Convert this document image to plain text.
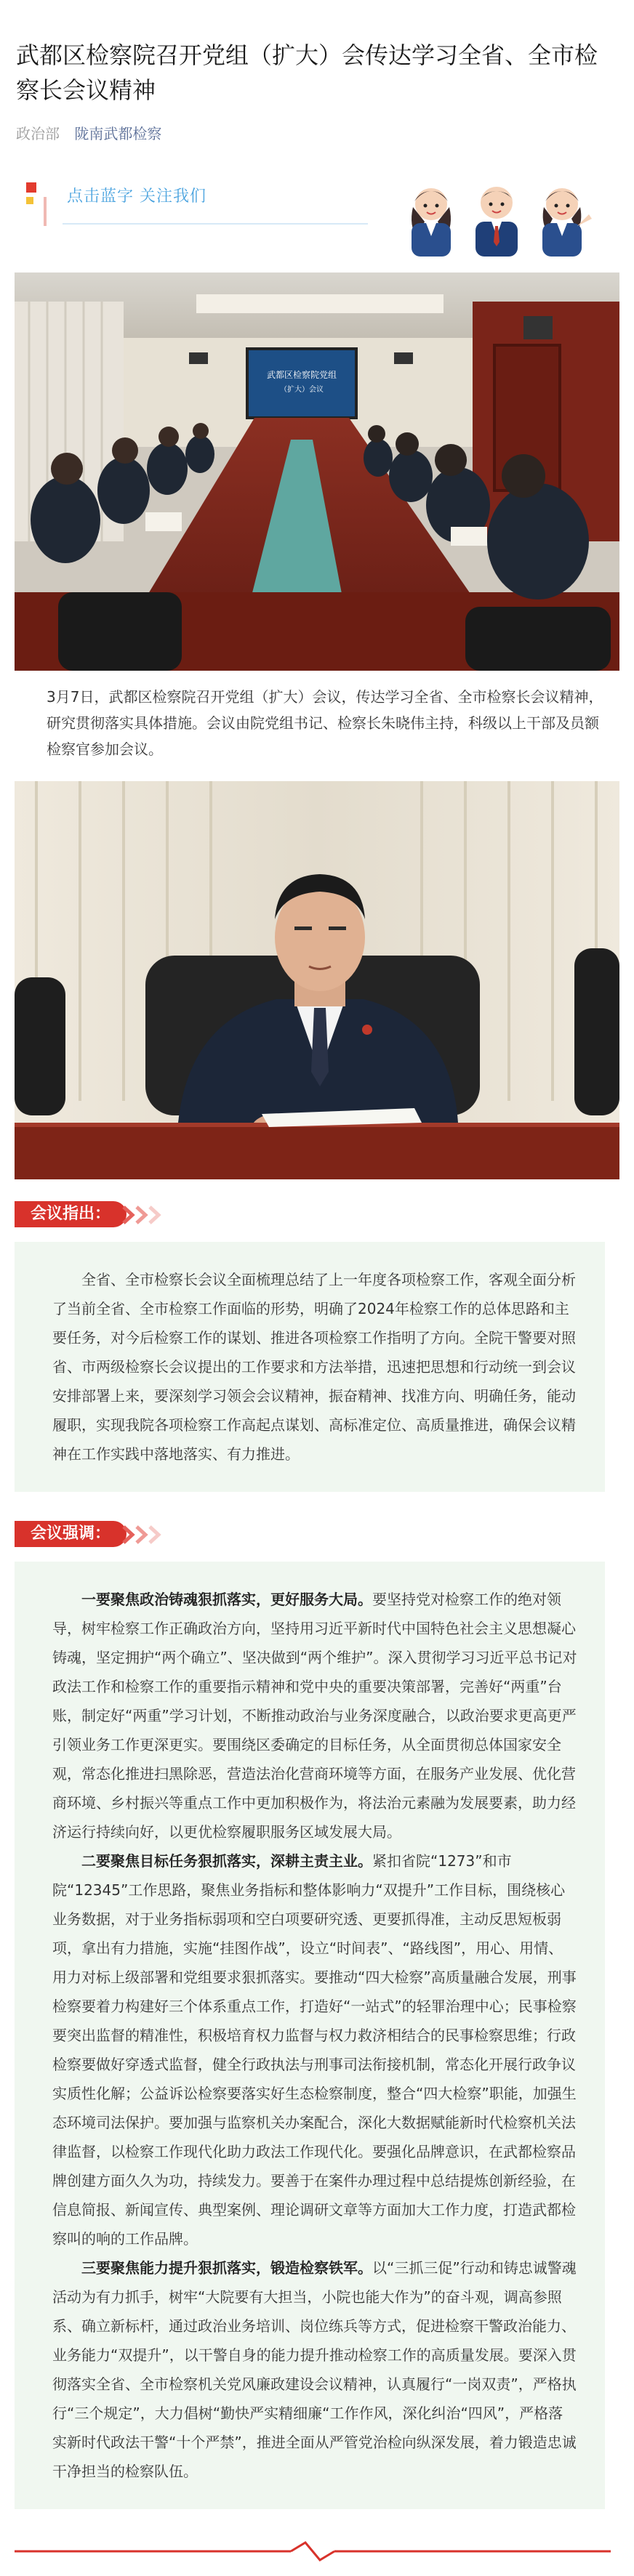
武都区检察院召开党组（扩大）会传达学习全省、全市检察长会议精神
政治部 陇南武都检察
点击蓝字 关注我们
武都区检察院党组
（扩大）会议

3月7日，武都区检察院召开党组（扩大）会议，传达学习全省、全市检察长会议精神，研究贯彻落实具体措施。会议由院党组书记、检察长朱晓伟主持，科级以上干部及员额检察官参加会议。

会议指出：

全省、全市检察长会议全面梳理总结了上一年度各项检察工作，客观全面分析了当前全省、全市检察工作面临的形势，明确了2024年检察工作的总体思路和主要任务，对今后检察工作的谋划、推进各项检察工作指明了方向。全院干警要对照省、市两级检察长会议提出的工作要求和方法举措，迅速把思想和行动统一到会议安排部署上来，要深刻学习领会会议精神，振奋精神、找准方向、明确任务，能动履职，实现我院各项检察工作高起点谋划、高标准定位、高质量推进，确保会议精神在工作实践中落地落实、有力推进。

会议强调：

一要聚焦政治铸魂狠抓落实，更好服务大局。要坚持党对检察工作的绝对领导，树牢检察工作正确政治方向，坚持用习近平新时代中国特色社会主义思想凝心铸魂，坚定拥护“两个确立”、坚决做到“两个维护”。深入贯彻学习习近平总书记对政法工作和检察工作的重要指示精神和党中央的重要决策部署，完善好“两重”台账，制定好“两重”学习计划，不断推动政治与业务深度融合，以政治要求更高更严引领业务工作更深更实。要围绕区委确定的目标任务，从全面贯彻总体国家安全观，常态化推进扫黑除恶，营造法治化营商环境等方面，在服务产业发展、优化营商环境、乡村振兴等重点工作中更加积极作为，将法治元素融为发展要素，助力经济运行持续向好，以更优检察履职服务区域发展大局。

二要聚焦目标任务狠抓落实，深耕主责主业。紧扣省院“1273”和市院“12345”工作思路，聚焦业务指标和整体影响力“双提升”工作目标，围绕核心业务数据，对于业务指标弱项和空白项要研究透、更要抓得准，主动反思短板弱项，拿出有力措施，实施“挂图作战”，设立“时间表”、“路线图”，用心、用情、用力对标上级部署和党组要求狠抓落实。要推动“四大检察”高质量融合发展，刑事检察要着力构建好三个体系重点工作，打造好“一站式”的轻罪治理中心；民事检察要突出监督的精准性，积极培育权力监督与权力救济相结合的民事检察思维；行政检察要做好穿透式监督，健全行政执法与刑事司法衔接机制，常态化开展行政争议实质性化解；公益诉讼检察要落实好生态检察制度，整合“四大检察”职能，加强生态环境司法保护。要加强与监察机关办案配合，深化大数据赋能新时代检察机关法律监督，以检察工作现代化助力政法工作现代化。要强化品牌意识，在武都检察品牌创建方面久久为功，持续发力。要善于在案件办理过程中总结提炼创新经验，在信息简报、新闻宣传、典型案例、理论调研文章等方面加大工作力度，打造武都检察叫的响的工作品牌。

三要聚焦能力提升狠抓落实，锻造检察铁军。以“三抓三促”行动和铸忠诚警魂活动为有力抓手，树牢“大院要有大担当，小院也能大作为”的奋斗观，调高参照系、确立新标杆，通过政治业务培训、岗位练兵等方式，促进检察干警政治能力、业务能力“双提升”，以干警自身的能力提升推动检察工作的高质量发展。要深入贯彻落实全省、全市检察机关党风廉政建设会议精神，认真履行“一岗双责”，严格执行“三个规定”，大力倡树“勤快严实精细廉“工作作风，深化纠治“四风”，严格落实新时代政法干警“十个严禁”，推进全面从严管党治检向纵深发展，着力锻造忠诚干净担当的检察队伍。
